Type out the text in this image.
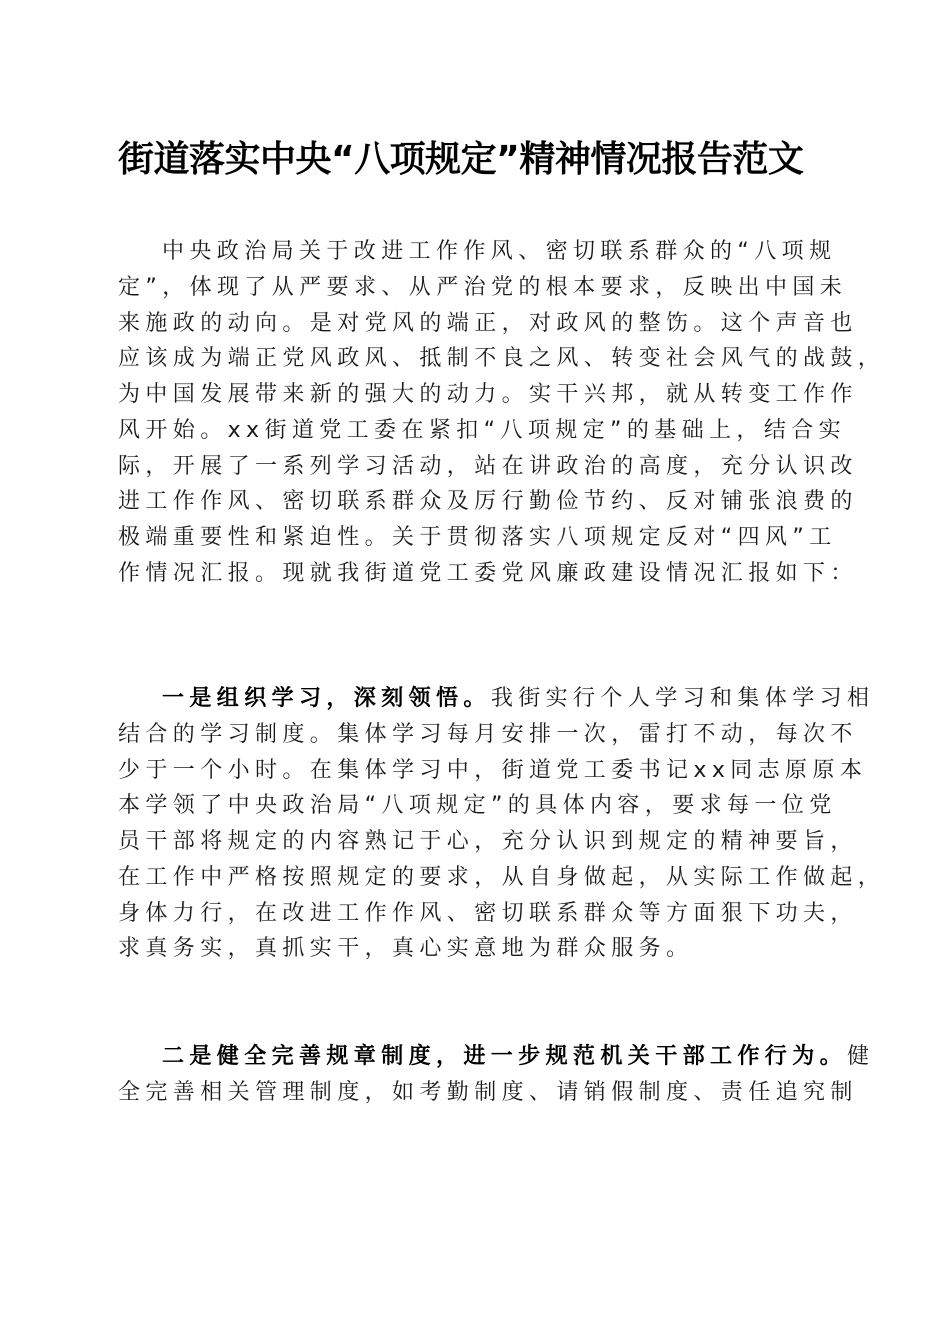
街道落实中央“八项规定”精神情况报告范文
中央政治局关于改进工作作风、密切联系群众的“八项规
定”，体现了从严要求、从严治党的根本要求，反映出中国未
来施政的动向。是对党风的端正，对政风的整饬。这个声音也
应该成为端正党风政风、抵制不良之风、转变社会风气的战鼓，
为中国发展带来新的强大的动力。实干兴邦，就从转变工作作
风开始。xx街道党工委在紧扣“八项规定”的基础上，结合实
际，开展了一系列学习活动，站在讲政治的高度，充分认识改
进工作作风、密切联系群众及厉行勤俭节约、反对铺张浪费的
极端重要性和紧迫性。关于贯彻落实八项规定反对“四风”工
作情况汇报。现就我街道党工委党风廉政建设情况汇报如下：
一是组织学习，深刻领悟。我街实行个人学习和集体学习相
结合的学习制度。集体学习每月安排一次，雷打不动，每次不
少于一个小时。在集体学习中，街道党工委书记xx同志原原本
本学领了中央政治局“八项规定”的具体内容，要求每一位党
员干部将规定的内容熟记于心，充分认识到规定的精神要旨，
在工作中严格按照规定的要求，从自身做起，从实际工作做起，
身体力行，在改进工作作风、密切联系群众等方面狠下功夫，
求真务实，真抓实干，真心实意地为群众服务。
二是健全完善规章制度，进一步规范机关干部工作行为。健
全完善相关管理制度，如考勤制度、请销假制度、责任追究制
